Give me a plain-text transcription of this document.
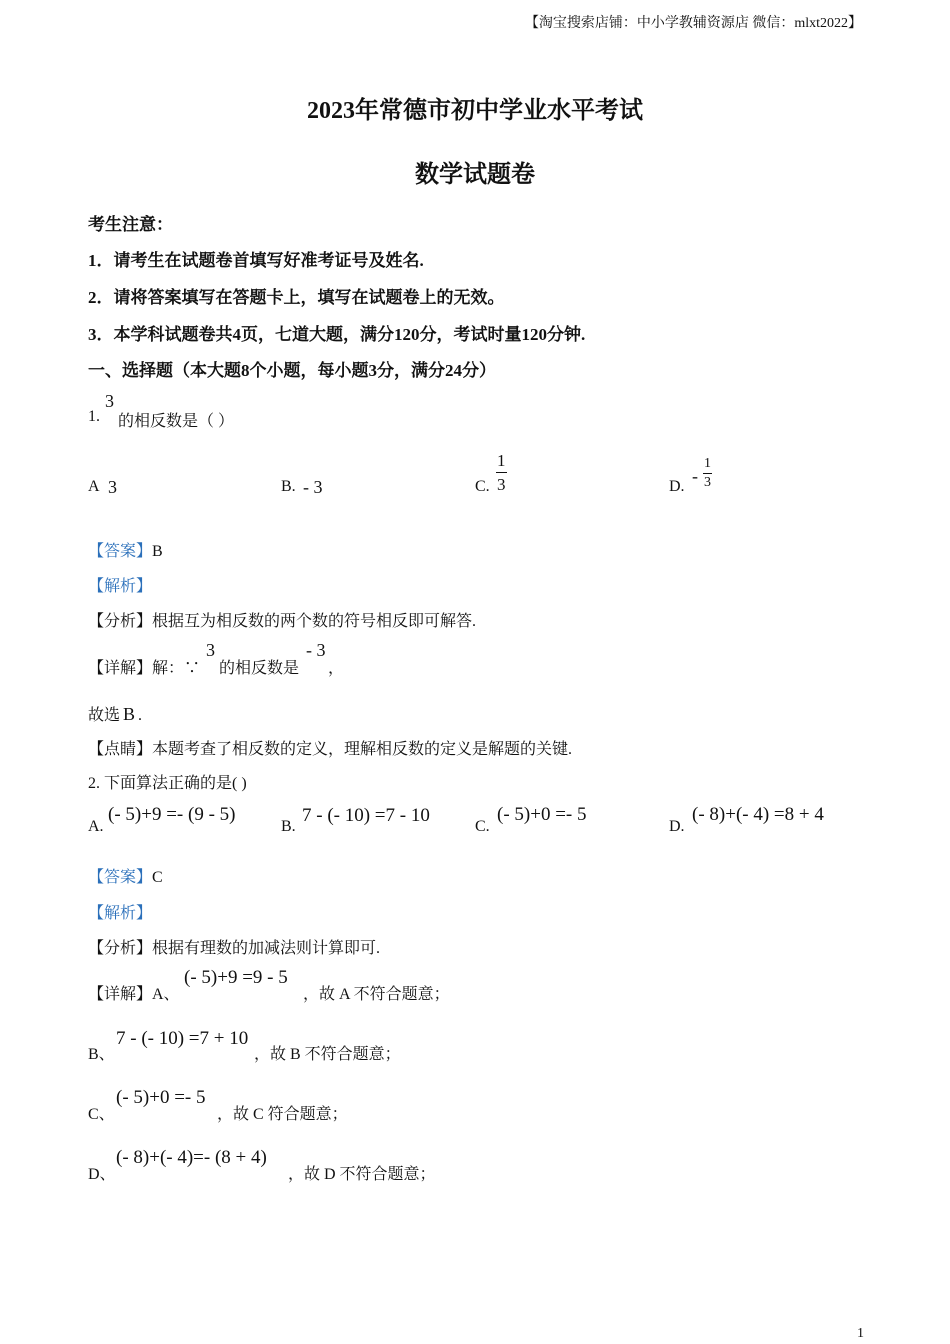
【淘宝搜索店铺：中小学教辅资源店 微信：mlxt2022】
2023年常德市初中学业水平考试
数学试题卷
考生注意：
1．请考生在试题卷首填写好准考证号及姓名.
2．请将答案填写在答题卡上，填写在试题卷上的无效。
3．本学科试题卷共4页，七道大题，满分120分，考试时量120分钟.
一、选择题（本大题8个小题，每小题3分，满分24分）
1.
3
的相反数是（ ）
A 3	B. - 3	C. $\frac{1}{3}$	D.
- $\frac{1}{3}$
【答案】B
【解析】
【分析】根据互为相反数的两个数的符号相反即可解答.
【详解】解：∵
3
的相反数是
- 3
，
故选 B .
【点睛】本题考查了相反数的定义，理解相反数的定义是解题的关键.
2. 下面算法正确的是( )
A.
(- 5)+9 =- (9 - 5)
B.
7 - (- 10) =7 - 10
C.
(- 5)+0 =- 5
D.
(- 8)+(- 4) =8 + 4
【答案】C
【解析】
【分析】根据有理数的加减法则计算即可.
【详解】A、
(- 5)+9 =9 - 5
，故 A 不符合题意；
B、
7 - (- 10) =7 + 10
，故 B 不符合题意；
C、
(- 5)+0 =- 5
，故 C 符合题意；
D、
(- 8)+(- 4)=- (8 + 4)
，故 D 不符合题意；
1
